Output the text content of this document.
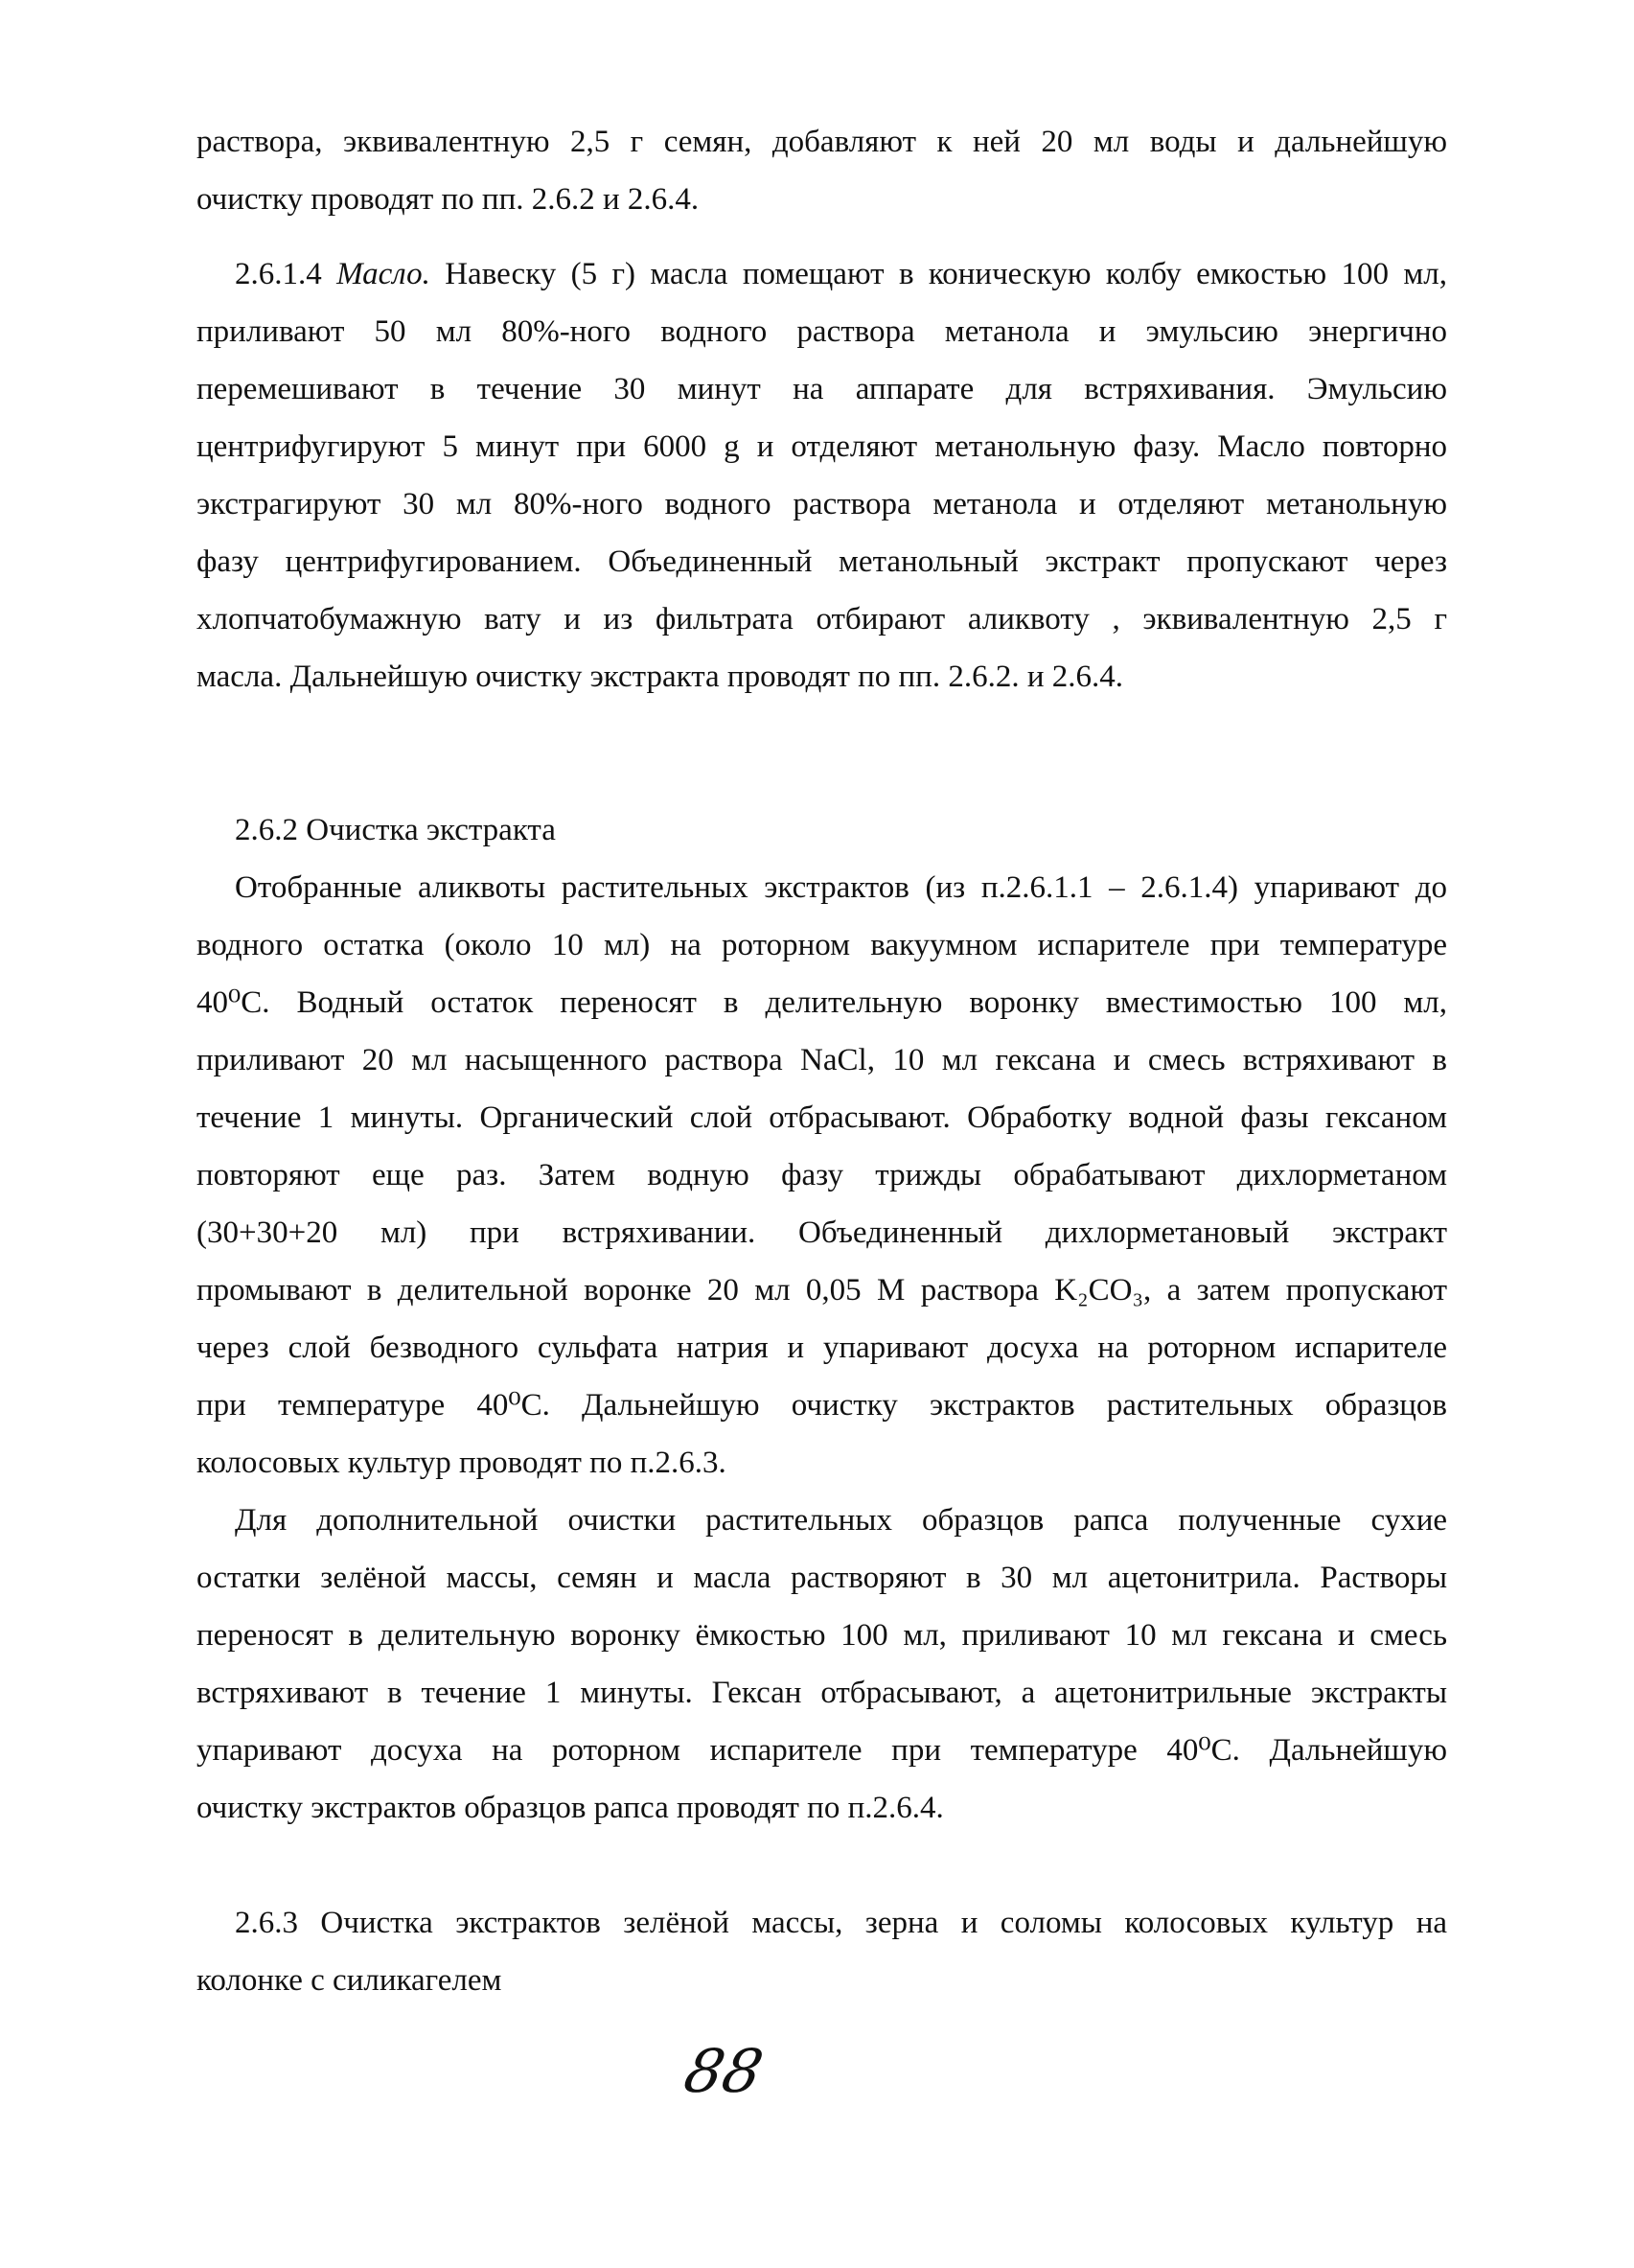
раствора, эквивалентную 2,5 г семян, добавляют к ней 20 мл воды и дальнейшую
очистку проводят по пп. 2.6.2 и 2.6.4.
2.6.1.4 Масло. Навеску (5 г) масла помещают в коническую колбу емкостью 100 мл,
приливают 50 мл 80%-ного водного раствора метанола и эмульсию энергично
перемешивают в течение 30 минут на аппарате для встряхивания. Эмульсию
центрифугируют 5 минут при 6000 g и отделяют метанольную фазу. Масло повторно
экстрагируют 30 мл 80%-ного водного раствора метанола и отделяют метанольную
фазу центрифугированием. Объединенный метанольный экстракт пропускают через
хлопчатобумажную вату и из фильтрата отбирают аликвоту , эквивалентную 2,5 г
масла. Дальнейшую очистку экстракта проводят по пп. 2.6.2. и 2.6.4.
2.6.2 Очистка экстракта
Отобранные аликвоты растительных экстрактов (из п.2.6.1.1 – 2.6.1.4) упаривают до
водного остатка (около 10 мл) на роторном вакуумном испарителе при температуре
40⁰С. Водный остаток переносят в делительную воронку вместимостью 100 мл,
приливают 20 мл насыщенного раствора NaCl, 10 мл гексана и смесь встряхивают в
течение 1 минуты. Органический слой отбрасывают. Обработку водной фазы гексаном
повторяют еще раз. Затем водную фазу трижды обрабатывают дихлорметаном
(30+30+20 мл) при встряхивании. Объединенный дихлорметановый экстракт
промывают в делительной воронке 20 мл 0,05 М раствора K₂CO₃, а затем пропускают
через слой безводного сульфата натрия и упаривают досуха на роторном испарителе
при температуре 40⁰С. Дальнейшую очистку экстрактов растительных образцов
колосовых культур проводят по п.2.6.3.
Для дополнительной очистки растительных образцов рапса полученные сухие
остатки зелёной массы, семян и масла растворяют в 30 мл ацетонитрила. Растворы
переносят в делительную воронку ёмкостью 100 мл, приливают 10 мл гексана и смесь
встряхивают в течение 1 минуты. Гексан отбрасывают, а ацетонитрильные экстракты
упаривают досуха на роторном испарителе при температуре 40⁰С. Дальнейшую
очистку экстрактов образцов рапса проводят по п.2.6.4.
2.6.3 Очистка экстрактов зелёной массы, зерна и соломы колосовых культур на
колонке с силикагелем
88
